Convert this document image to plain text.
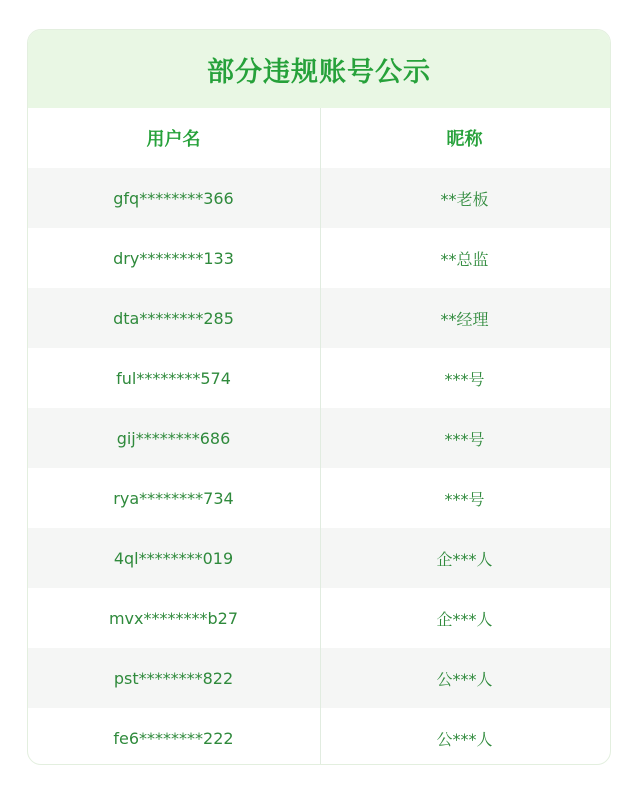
部分违规账号公示
用户名	昵称
gfq********366	**老板
dry********133	**总监
dta********285	**经理
ful********574	***号
gij********686	***号
rya********734	***号
4ql********019	企***人
mvx********b27	企***人
pst********822	公***人
fe6********222	公***人
